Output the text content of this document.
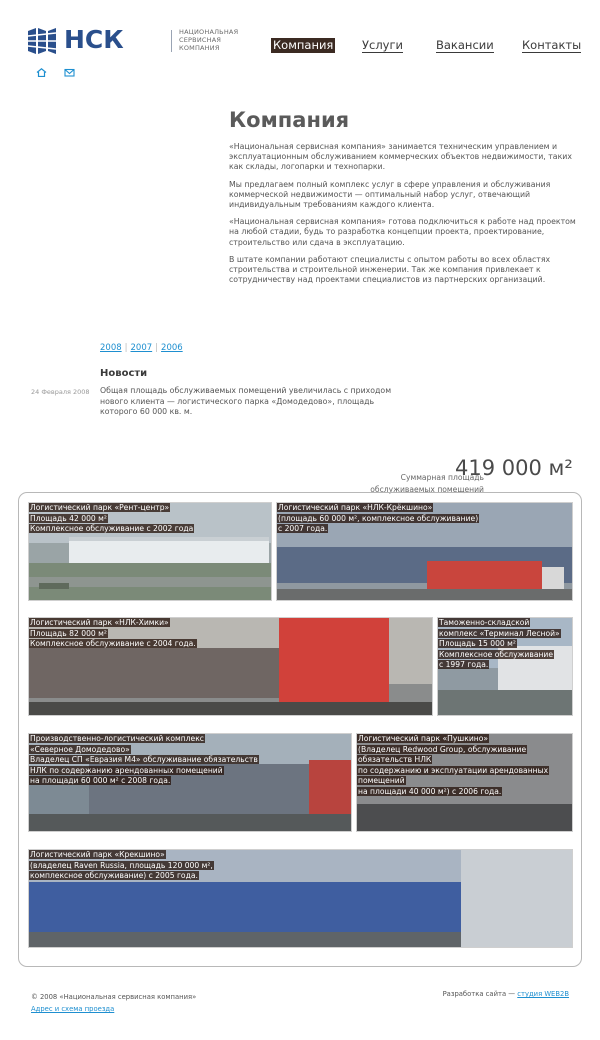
НСК	НАЦИОНАЛЬНАЯ
СЕРВИСНАЯ
КОМПАНИЯ	Компания Услуги	Вакансии Контакты
Компания

«Национальная сервисная компания» занимается техническим управлением и эксплуатационным обслуживанием коммерческих объектов недвижимости, таких как склады, логопарки и технопарки.

Мы предлагаем полный комплекс услуг в сфере управления и обслуживания коммерческой недвижимости — оптимальный набор услуг, отвечающий индивидуальным требованиям каждого клиента.

«Национальная сервисная компания» готова подключиться к работе над проектом на любой стадии, будь то разработка концепции проекта, проектирование, строительство или сдача в эксплуатацию.

В штате компании работают специалисты с опытом работы во всех областях строительства и строительной инженерии. Так же компания привлекает к сотрудничеству над проектами специалистов из партнерских организаций.

2008 | 2007 | 2006
Новости
24 Февраля 2008 Общая площадь обслуживаемых помещений увеличилась с приходом нового клиента — логистического парка «Домодедово», площадь которого 60 000 кв. м.
Суммарная площадь
обслуживаемых помещений
419 000 м²
Логистический парк «Рент-центр»
Площадь 42 000 м²
Комплексное обслуживание с 2002 года
Логистический парк «НЛК-Крёкшино»
(площадь 60 000 м², комплексное обслуживание)
с 2007 года.
Логистический парк «НЛК-Химки»
Площадь 82 000 м²
Комплексное обслуживание с 2004 года.
Таможенно-складской
комплекс «Терминал Лесной»
Площадь 15 000 м²
Комплексное обслуживание
с 1997 года.
Производственно-логистический комплекс
«Северное Домодедово»
Владелец СП «Евразия М4» обслуживание обязательств
НЛК по содержанию арендованных помещений
на площади 60 000 м² с 2008 года.
Логистический парк «Пушкино»
(Владелец Redwood Group, обслуживание
обязательств НЛК
по содержанию и эксплуатации арендованных
помещений
на площади 40 000 м²) с 2006 года.
Логистический парк «Крекшино»
(владелец Raven Russia, площадь 120 000 м²,
комплексное обслуживание) с 2005 года.
© 2008 «Национальная сервисная компания»
Адрес и схема проезда
Разработка сайта — студия WEB2B
